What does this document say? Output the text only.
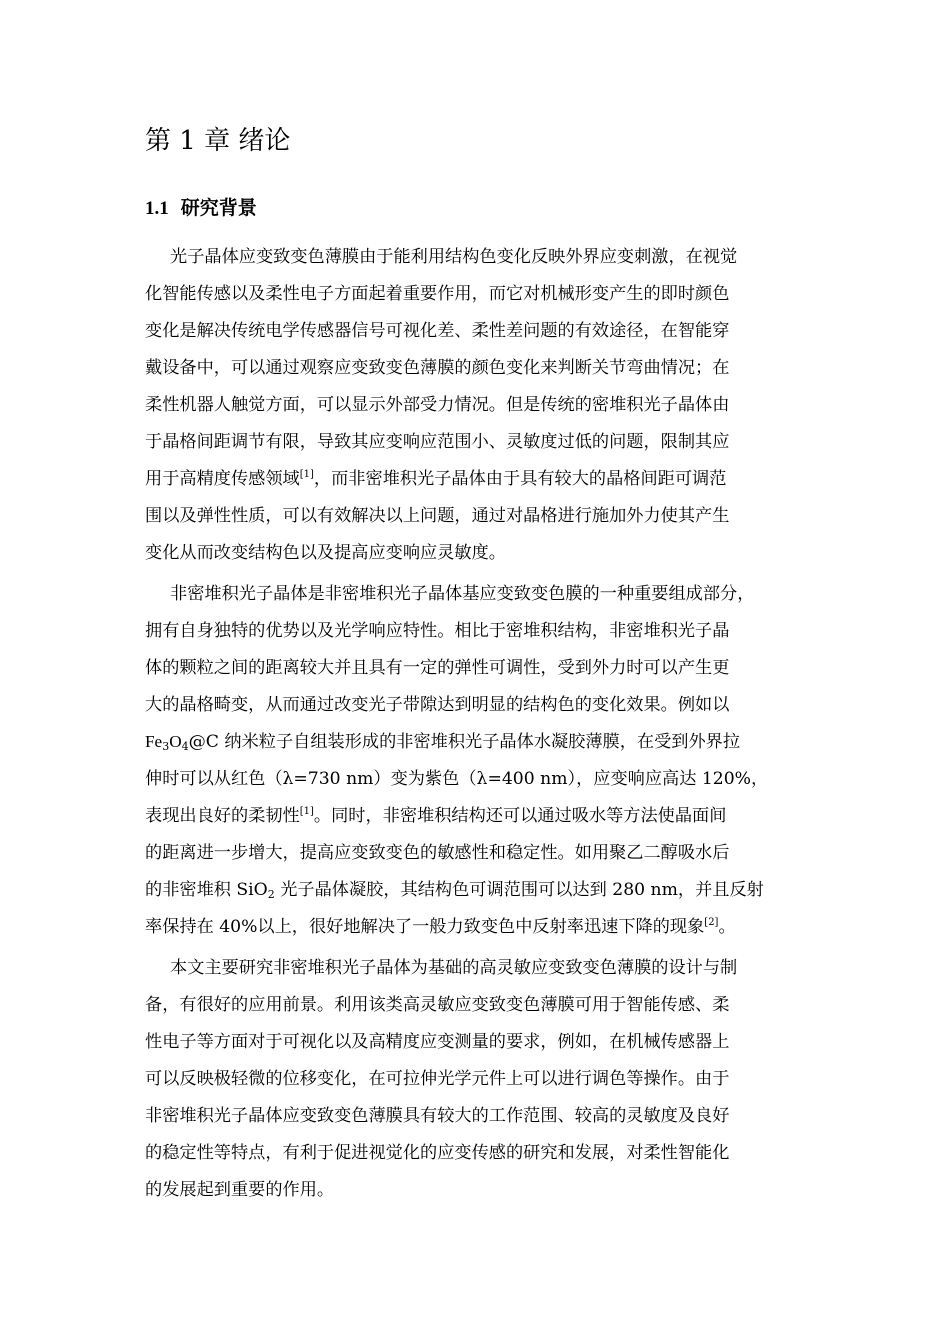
第 1 章 绪论
1.1 研究背景

光子晶体应变致变色薄膜由于能利用结构色变化反映外界应变刺激，在视觉

化智能传感以及柔性电子方面起着重要作用，而它对机械形变产生的即时颜色

变化是解决传统电学传感器信号可视化差、柔性差问题的有效途径，在智能穿

戴设备中，可以通过观察应变致变色薄膜的颜色变化来判断关节弯曲情况；在

柔性机器人触觉方面，可以显示外部受力情况。但是传统的密堆积光子晶体由

于晶格间距调节有限，导致其应变响应范围小、灵敏度过低的问题，限制其应

用于高精度传感领域[1]，而非密堆积光子晶体由于具有较大的晶格间距可调范

围以及弹性性质，可以有效解决以上问题，通过对晶格进行施加外力使其产生

变化从而改变结构色以及提高应变响应灵敏度。

非密堆积光子晶体是非密堆积光子晶体基应变致变色膜的一种重要组成部分，

拥有自身独特的优势以及光学响应特性。相比于密堆积结构，非密堆积光子晶

体的颗粒之间的距离较大并且具有一定的弹性可调性，受到外力时可以产生更

大的晶格畸变，从而通过改变光子带隙达到明显的结构色的变化效果。例如以

$Fe_3O_4@C$ 纳米粒子自组装形成的非密堆积光子晶体水凝胶薄膜，在受到外界拉

伸时可以从红色（λ=730 nm）变为紫色（λ=400 nm），应变响应高达 120%，

表现出良好的柔韧性[1]。同时，非密堆积结构还可以通过吸水等方法使晶面间

的距离进一步增大，提高应变致变色的敏感性和稳定性。如用聚乙二醇吸水后

的非密堆积 SiO$_2$ 光子晶体凝胶，其结构色可调范围可以达到 280 nm，并且反射

率保持在 40%以上，很好地解决了一般力致变色中反射率迅速下降的现象[2]。

本文主要研究非密堆积光子晶体为基础的高灵敏应变致变色薄膜的设计与制

备，有很好的应用前景。利用该类高灵敏应变致变色薄膜可用于智能传感、柔

性电子等方面对于可视化以及高精度应变测量的要求，例如，在机械传感器上

可以反映极轻微的位移变化，在可拉伸光学元件上可以进行调色等操作。由于

非密堆积光子晶体应变致变色薄膜具有较大的工作范围、较高的灵敏度及良好

的稳定性等特点，有利于促进视觉化的应变传感的研究和发展，对柔性智能化

的发展起到重要的作用。
